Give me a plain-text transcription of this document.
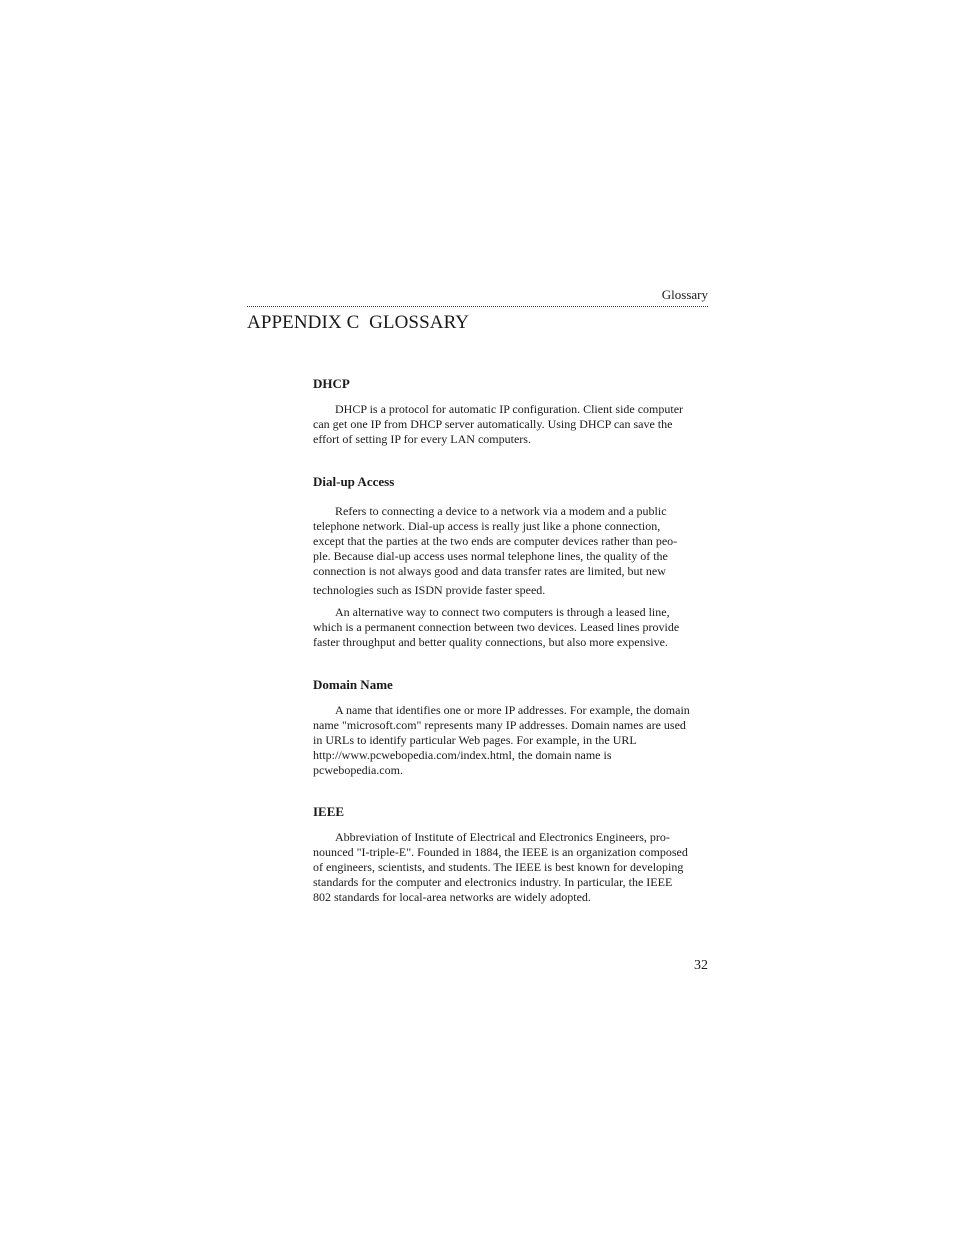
Glossary
APPENDIX C  GLOSSARY
DHCP
DHCP is a protocol for automatic IP configuration. Client side computer
can get one IP from DHCP server automatically. Using DHCP can save the
effort of setting IP for every LAN computers.
Dial-up Access
Refers to connecting a device to a network via a modem and a public
telephone network. Dial-up access is really just like a phone connection,
except that the parties at the two ends are computer devices rather than peo-
ple. Because dial-up access uses normal telephone lines, the quality of the
connection is not always good and data transfer rates are limited, but new
technologies such as ISDN provide faster speed.
An alternative way to connect two computers is through a leased line,
which is a permanent connection between two devices. Leased lines provide
faster throughput and better quality connections, but also more expensive.
Domain Name
A name that identifies one or more IP addresses. For example, the domain
name "microsoft.com" represents many IP addresses. Domain names are used
in URLs to identify particular Web pages. For example, in the URL
http://www.pcwebopedia.com/index.html, the domain name is
pcwebopedia.com.
IEEE
Abbreviation of Institute of Electrical and Electronics Engineers, pro-
nounced "I-triple-E". Founded in 1884, the IEEE is an organization composed
of engineers, scientists, and students. The IEEE is best known for developing
standards for the computer and electronics industry. In particular, the IEEE
802 standards for local-area networks are widely adopted.
32
